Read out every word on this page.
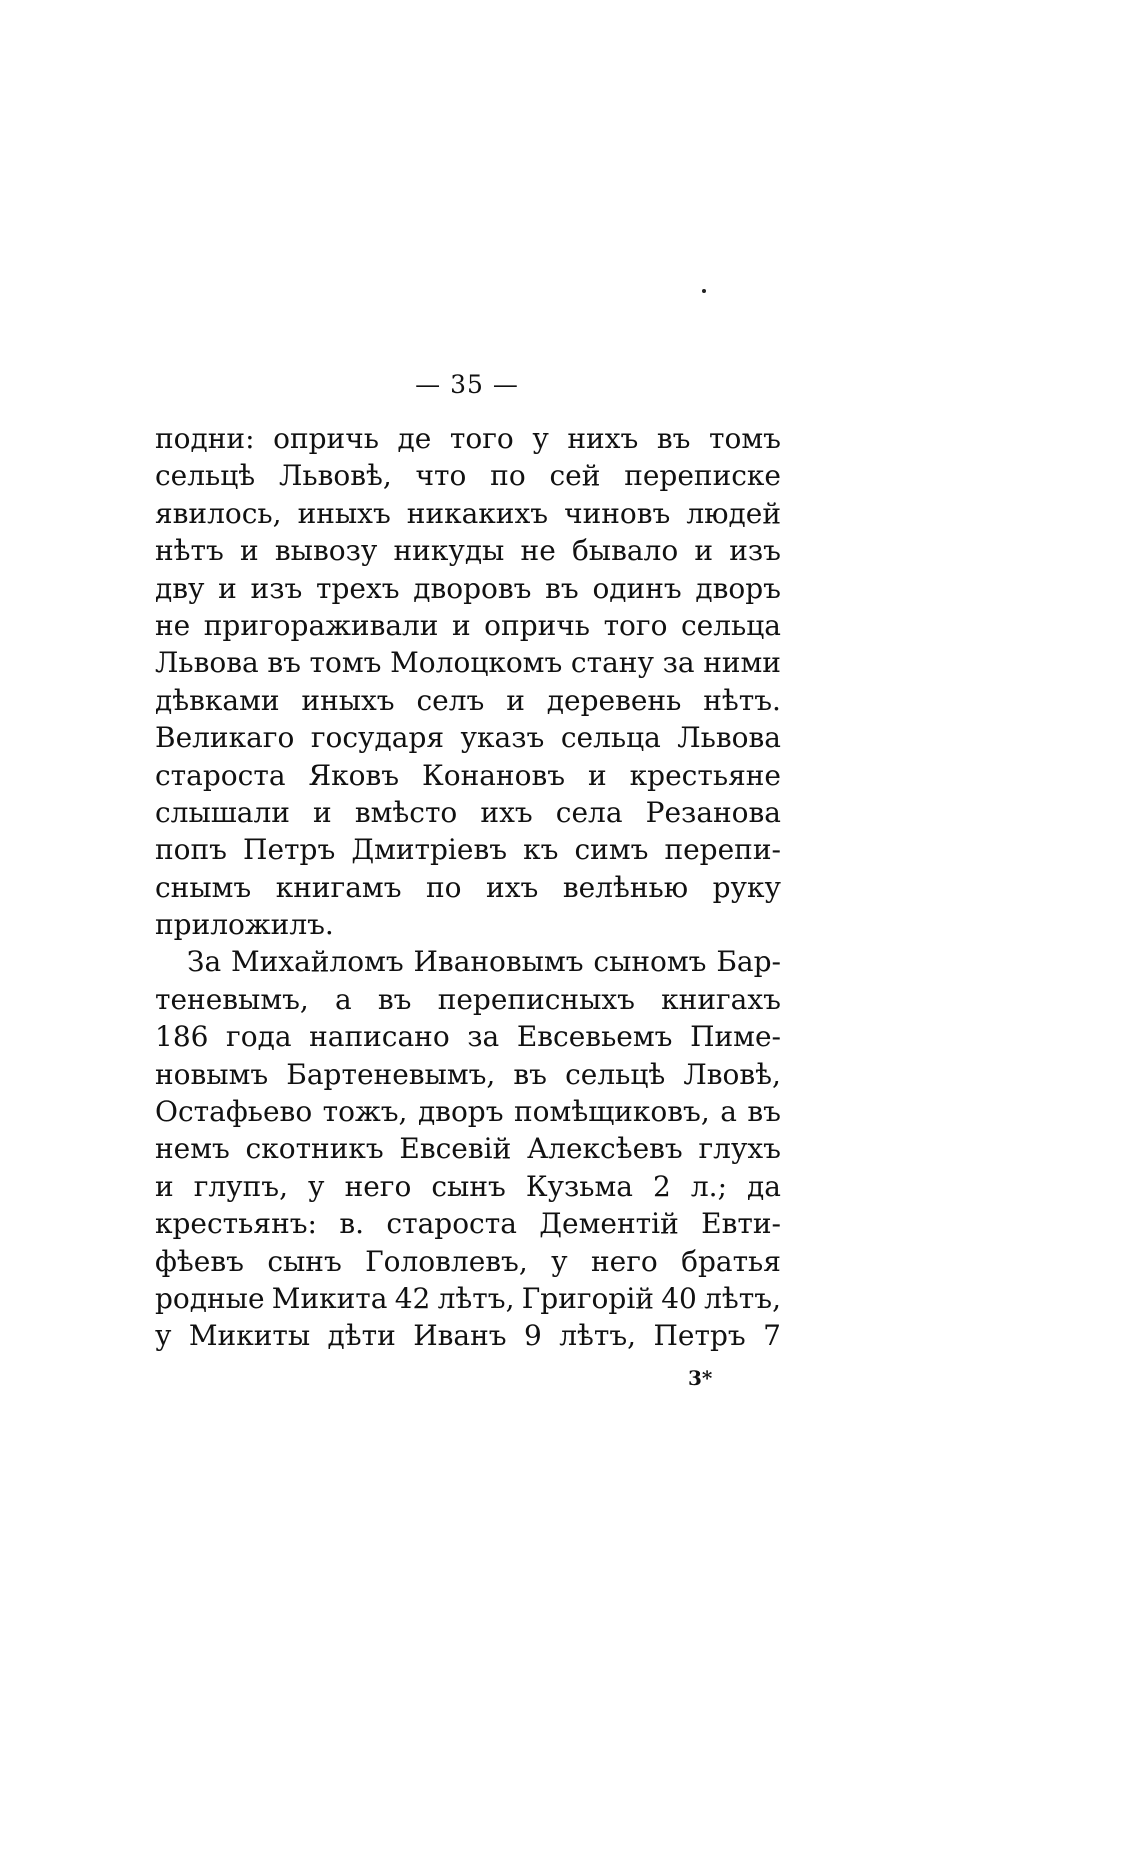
— 35 —
подни: опричь де того у нихъ въ томъ
сельцѣ Львовѣ, что по сей переписке
явилось, иныхъ никакихъ чиновъ людей
нѣтъ и вывозу никуды не бывало и изъ
дву и изъ трехъ дворовъ въ одинъ дворъ
не пригораживали и опричь того сельца
Львова въ томъ Молоцкомъ стану за ними
дѣвками иныхъ селъ и деревень нѣтъ.
Великаго государя указъ сельца Львова
староста Яковъ Конановъ и крестьяне
слышали и вмѣсто ихъ села Резанова
попъ Петръ Дмитріевъ къ симъ перепи-
снымъ книгамъ по ихъ велѣнью руку
приложилъ.
За Михайломъ Ивановымъ сыномъ Бар-
теневымъ, а въ переписныхъ книгахъ
186 года написано за Евсевьемъ Пиме-
новымъ Бартеневымъ, въ сельцѣ Лвовѣ,
Остафьево тожъ, дворъ помѣщиковъ, а въ
немъ скотникъ Евсевій Алексѣевъ глухъ
и глупъ, у него сынъ Кузьма 2 л.; да
крестьянъ: в. староста Дементій Евти-
фѣевъ сынъ Головлевъ, у него братья
родные Микита 42 лѣтъ, Григорій 40 лѣтъ,
у Микиты дѣти Иванъ 9 лѣтъ, Петръ 7
3*
